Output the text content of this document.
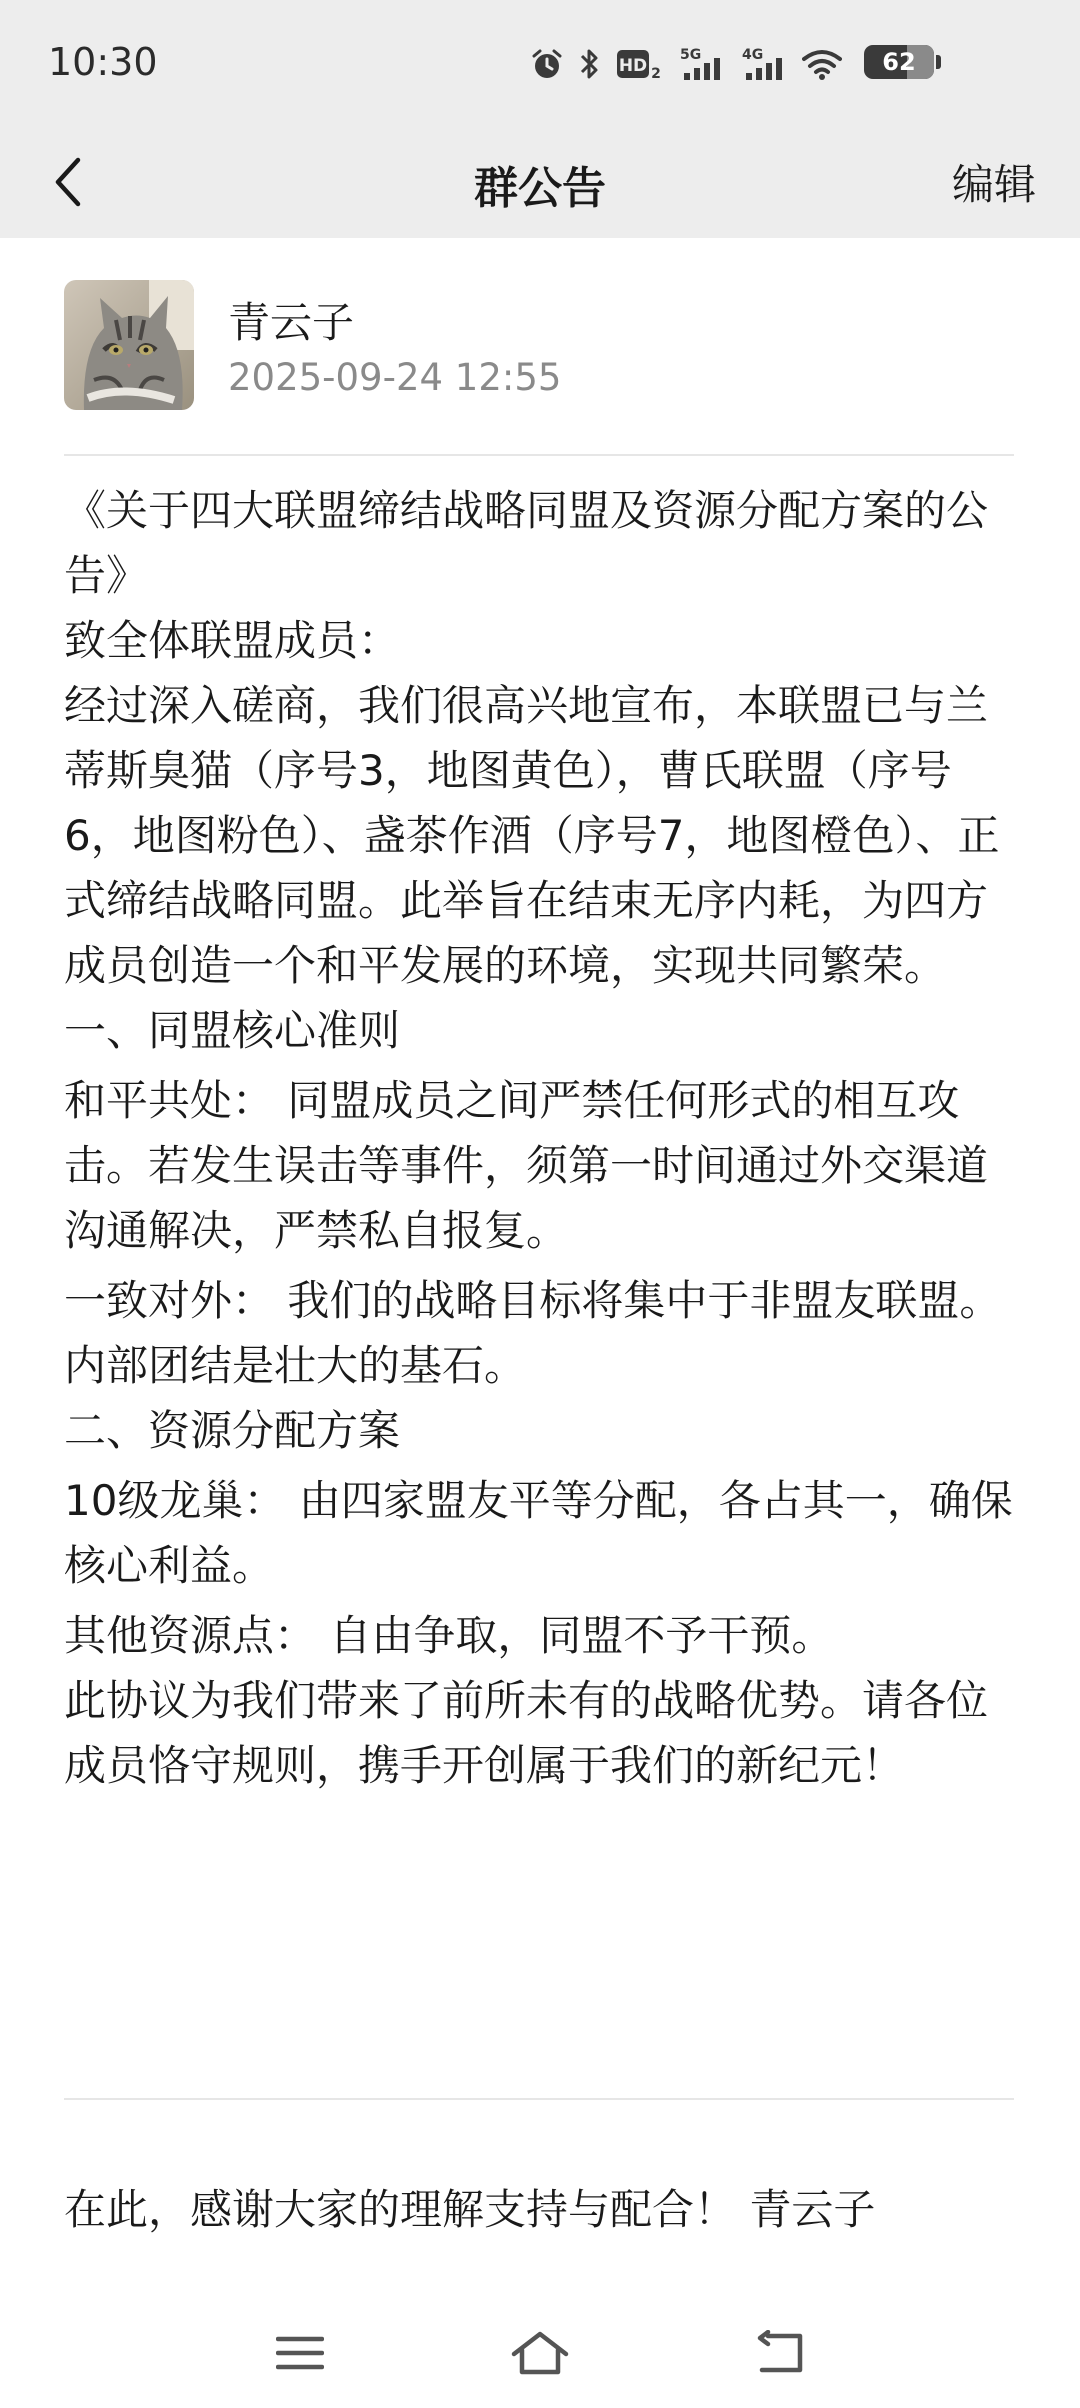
10:30	HD 2
5G	4G	62
群公告	编辑
青云子
2025-09-24 12:55

《关于四大联盟缔结战略同盟及资源分配方案的公告》

致全体联盟成员：

经过深入磋商，我们很高兴地宣布，本联盟已与兰蒂斯臭猫（序号3，地图黄色），曹氏联盟（序号6，地图粉色）、盏茶作酒（序号7，地图橙色）、正式缔结战略同盟。此举旨在结束无序内耗，为四方成员创造一个和平发展的环境，实现共同繁荣。

一、同盟核心准则

和平共处： 同盟成员之间严禁任何形式的相互攻击。若发生误击等事件，须第一时间通过外交渠道沟通解决，严禁私自报复。

一致对外： 我们的战略目标将集中于非盟友联盟。内部团结是壮大的基石。

二、资源分配方案

10级龙巢： 由四家盟友平等分配，各占其一，确保核心利益。

其他资源点： 自由争取，同盟不予干预。

此协议为我们带来了前所未有的战略优势。请各位成员恪守规则，携手开创属于我们的新纪元！

在此，感谢大家的理解支持与配合！ 青云子
